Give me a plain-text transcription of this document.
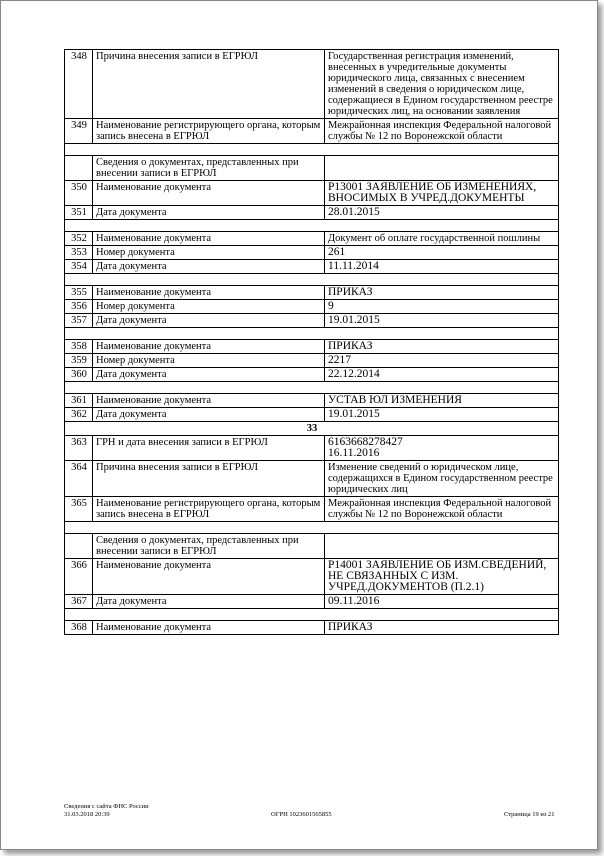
348	Причина внесения записи в ЕГРЮЛ	Государственная регистрация изменений, внесенных в учредительные документы юридического лица, связанных с внесением изменений в сведения о юридическом лице, содержащиеся в Едином государственном реестре юридических лиц, на основании заявления
349	Наименование регистрирующего органа, которым запись внесена в ЕГРЮЛ	Межрайонная инспекция Федеральной налоговой службы № 12 по Воронежской области

	Сведения о документах, представленных при внесении записи в ЕГРЮЛ	
350	Наименование документа	Р13001 ЗАЯВЛЕНИЕ ОБ ИЗМЕНЕНИЯХ, ВНОСИМЫХ В УЧРЕД.ДОКУМЕНТЫ
351	Дата документа	28.01.2015

352	Наименование документа	Документ об оплате государственной пошлины
353	Номер документа	261
354	Дата документа	11.11.2014

355	Наименование документа	ПРИКАЗ
356	Номер документа	9
357	Дата документа	19.01.2015

358	Наименование документа	ПРИКАЗ
359	Номер документа	2217
360	Дата документа	22.12.2014

361	Наименование документа	УСТАВ ЮЛ ИЗМЕНЕНИЯ
362	Дата документа	19.01.2015
33		
363	ГРН и дата внесения записи в ЕГРЮЛ	6163668278427
16.11.2016
364	Причина внесения записи в ЕГРЮЛ	Изменение сведений о юридическом лице, содержащихся в Едином государственном реестре юридических лиц
365	Наименование регистрирующего органа, которым запись внесена в ЕГРЮЛ	Межрайонная инспекция Федеральной налоговой службы № 12 по Воронежской области

	Сведения о документах, представленных при внесении записи в ЕГРЮЛ	
366	Наименование документа	Р14001 ЗАЯВЛЕНИЕ ОБ ИЗМ.СВЕДЕНИЙ, НЕ СВЯЗАННЫХ С ИЗМ. УЧРЕД.ДОКУМЕНТОВ (П.2.1)
367	Дата документа	09.11.2016

368	Наименование документа	ПРИКАЗ
Сведения с сайта ФНС России
31.03.2018 20:39	ОГРН 1023601565855	Страница 19 из 21
